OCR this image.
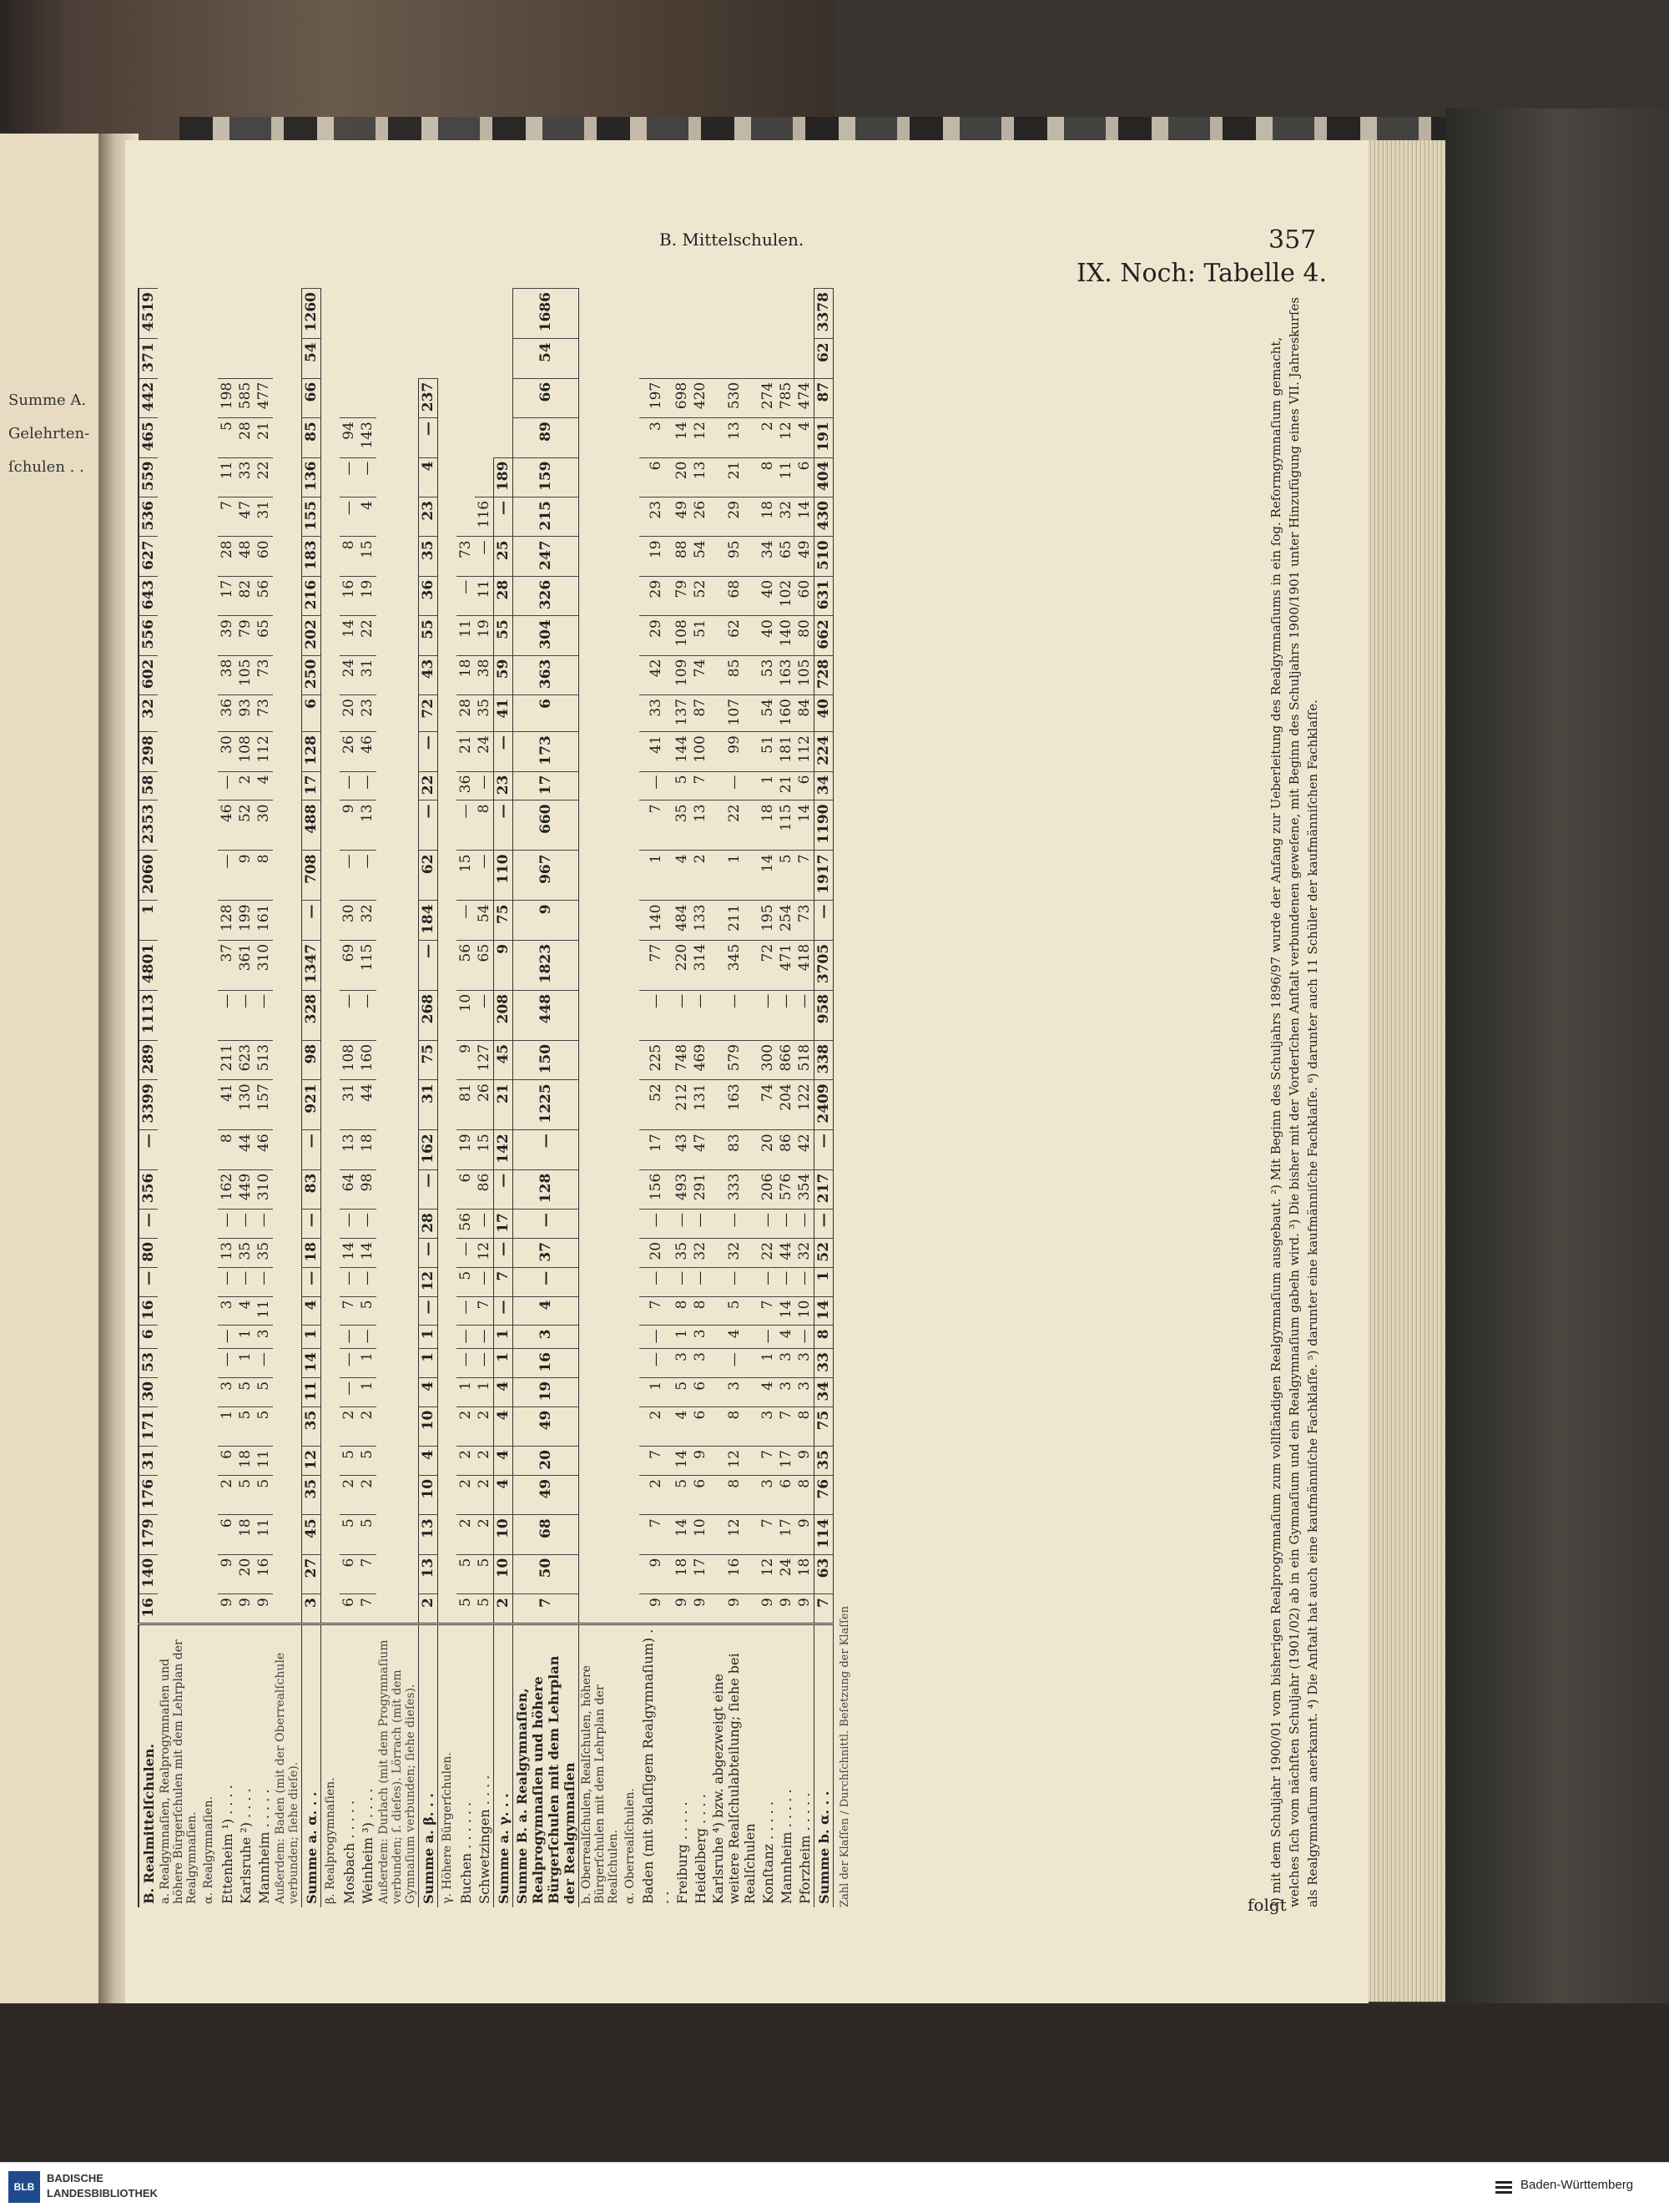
Summe A. Gelehrten-
ſchulen . .
B. Mittelschulen.	357
IX. Noch: Tabelle 4.
B. Realmittelſchulen.	16	140	179	176	31	171	30	53	6	16	—	80	—	356	—	3399	289	1113	4801	1	2060	2353	58	298	32	602	556	643	627	536	559	465	442	371	4519
a. Realgymnaſien, Realprogymnaſien und höhere Bürgerſchulen mit dem Lehrplan der Realgymnaſien.																																			
α. Realgymnaſien.																																			
Ettenheim ¹) . . . .	9	9	6	2	6	1	3	—	—	3	—	13	—	162	8	41	211	—	37	128	—	46	—	30	36	38	39	17	28	7	11	5	198		
Karlsruhe ²) . . . .	9	20	18	5	18	5	5	1	1	4	—	35	—	449	44	130	623	—	361	199	9	52	2	108	93	105	79	82	48	47	33	28	585		
Mannheim . . . . .	9	16	11	5	11	5	5	—	3	11	—	35	—	310	46	157	513	—	310	161	8	30	4	112	73	73	65	56	60	31	22	21	477		
Außerdem: Baden (mit der Oberrealſchule verbunden; ſiehe dieſe).																																			
Summe a. α. . .	3	27	45	35	12	35	11	14	1	4	—	18	—	83	—	921	98	328	1347	—	708	488	17	128	6	250	202	216	183	155	136	85	66	54	1260
β. Realprogymnaſien.																																			
Mosbach . . . . .	6	6	5	2	5	2	—	—	—	7	—	14	—	64	13	31	108	—	69	30	—	9	—	26	20	24	14	16	8	—	—	94			
Weinheim ³) . . . .	7	7	5	2	5	2	1	1	—	5	—	14	—	98	18	44	160	—	115	32	—	13	—	46	23	31	22	19	15	4	—	143			
Außerdem: Durlach (mit dem Progymnaſium verbunden; ſ. dieſes). Lörrach (mit dem Gymnaſium verbunden; ſiehe dieſes).																																			
Summe a. β. . .	2	13	13	10	4	10	4	1	1	—	12	—	28	—	162	31	75	268	—	184	62	—	22	—	72	43	55	36	35	23	4	—	237		
γ. Höhere Bürgerſchulen.																																			
Buchen . . . . . .	5	5	2	2	2	2	1	—	—	—	5	—	56	6	19	81	9	10	56	—	15	—	36	21	28	18	11	—	73						
Schwetzingen . . . .	5	5	2	2	2	2	1	—	—	7	—	12	—	86	15	26	127	—	65	54	—	8	—	24	35	38	19	11	—	116					
Summe a. γ. . .	2	10	10	4	4	4	4	1	1	—	7	—	17	—	142	21	45	208	9	75	110	—	23	—	41	59	55	28	25	—	189				
Summe B. a. Realgymnaſien, Realprogymnaſien und höhere Bürgerſchulen mit dem Lehrplan der Realgymnaſien	7	50	68	49	20	49	19	16	3	4	—	37	—	128	—	1225	150	448	1823	9	967	660	17	173	6	363	304	326	247	215	159	89	66	54	1686
b. Oberrealſchulen, Realſchulen, höhere Bürgerſchulen mit dem Lehrplan der Realſchulen.																																			
α. Oberrealſchulen.																																			
Baden (mit 9klaſſigem Realgymnaſium) . . .	9	9	7	2	7	2	1	—	—	7	—	20	—	156	17	52	225	—	77	140	1	7	—	41	33	42	29	29	19	23	6	3	197		
Freiburg . . . . .	9	18	14	5	14	4	5	3	1	8	—	35	—	493	43	212	748	—	220	484	4	35	5	144	137	109	108	79	88	49	20	14	698		
Heidelberg . . . .	9	17	10	6	9	6	6	3	3	8	—	32	—	291	47	131	469	—	314	133	2	13	7	100	87	74	51	52	54	26	13	12	420		
Karlsruhe ⁴) bzw. abgezweigt eine weitere Realſchulabteilung; ſiehe bei Realſchulen	9	16	12	8	12	8	3	—	4	5	—	32	—	333	83	163	579	—	345	211	1	22	—	99	107	85	62	68	95	29	21	13	530		
Konſtanz . . . . .	9	12	7	3	7	3	4	1	—	7	—	22	—	206	20	74	300	—	72	195	14	18	1	51	54	53	40	40	34	18	8	2	274		
Mannheim . . . . .	9	24	17	6	17	7	3	3	4	14	—	44	—	576	86	204	866	—	471	254	5	115	21	181	160	163	140	102	65	32	11	12	785		
Pforzheim . . . . .	9	18	9	8	9	8	3	3	—	10	—	32	—	354	42	122	518	—	418	73	7	14	6	112	84	105	80	60	49	14	6	4	474		
Summe b. α. . .	7	63	114	76	35	75	34	33	8	14	1	52	—	217	—	2409	338	958	3705	—	1917	1190	34	224	40	728	662	631	510	430	404	191	87	62	3378
Zahl der Klaſſen / Durchſchnittl. Beſetzung der Klaſſen	¹) mit dem Schuljahr 1900/01 vom bisherigen Realprogymnaſium zum vollſtändigen Realgymnaſium ausgebaut. ²) Mit Beginn des Schuljahrs 1896/97 wurde der Anfang zur Ueberleitung des Realgymnaſiums in ein ſog. Reformgymnaſium gemacht, welches ſich vom nächſten Schuljahr (1901/02) ab in ein Gymnaſium und ein Realgymnaſium gabeln wird. ³) Die bisher mit der Vorderſchen Anſtalt verbundenen geweſene, mit Beginn des Schuljahrs 1900/1901 unter Hinzufügung eines VII. Jahreskurſes als Realgymnaſium anerkannt. ⁴) Die Anſtalt hat auch eine kaufmänniſche Fachklaſſe. ⁵) darunter eine kaufmänniſche Fachklaſſe. ⁶) darunter auch 11 Schüler der kaufmänniſchen Fachklaſſe.
folgt
BLB
BADISCHE
LANDESBIBLIOTHEK
Baden-Württemberg
